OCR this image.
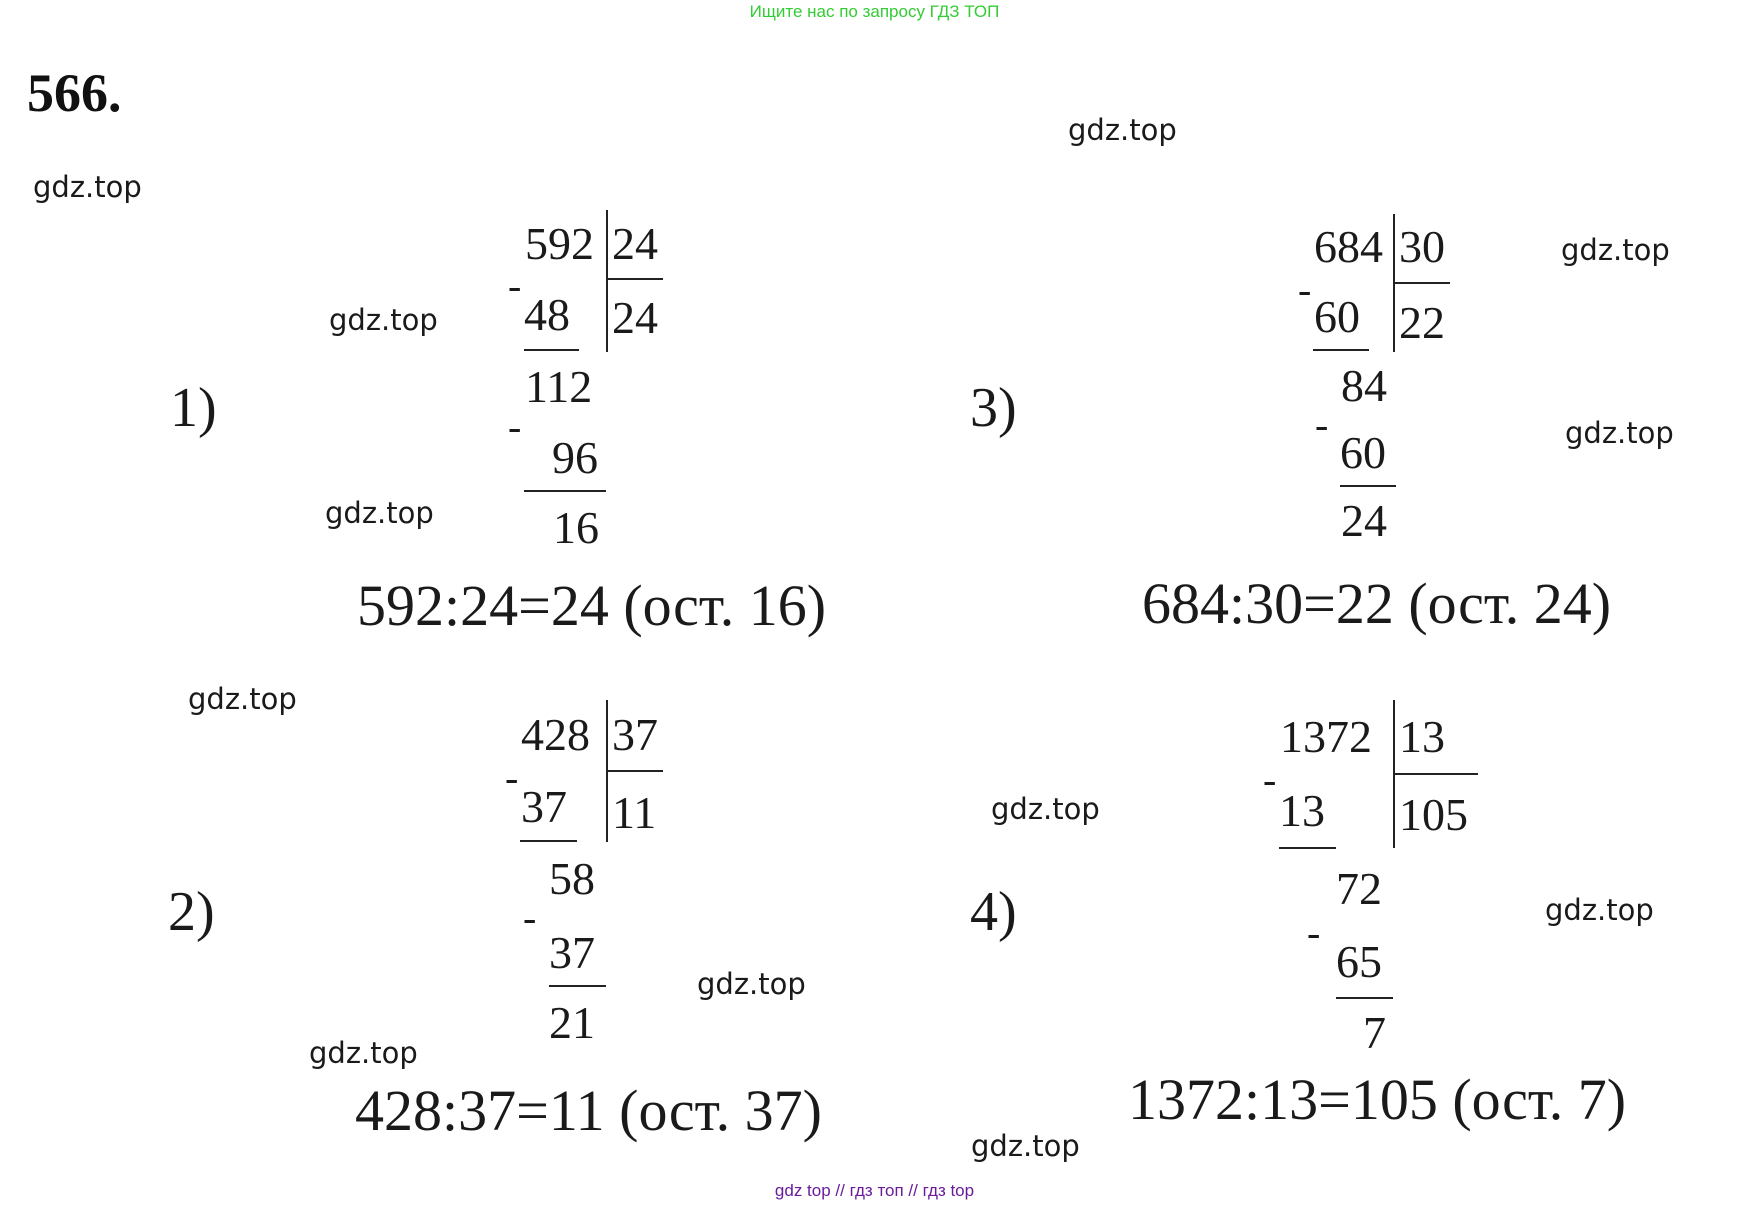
Ищите нас по запросу ГДЗ ТОП
566.
gdz.top
gdz.top
gdz.top
gdz.top
gdz.top
gdz.top
gdz.top
gdz.top
gdz.top
gdz.top
gdz.top
gdz.top
1)
592 24
-
48 24
112
-
96
16
592:24=24 (ост. 16)
3)
684 30
-
60 22
84
-
60
24
684:30=22 (ост. 24)
2)
428 37
-
37 11
58
-
37
21
428:37=11 (ост. 37)
4)
1372 13
-
13 105
72
-
65
7
1372:13=105 (ост. 7)
gdz top // гдз топ // гдз top
